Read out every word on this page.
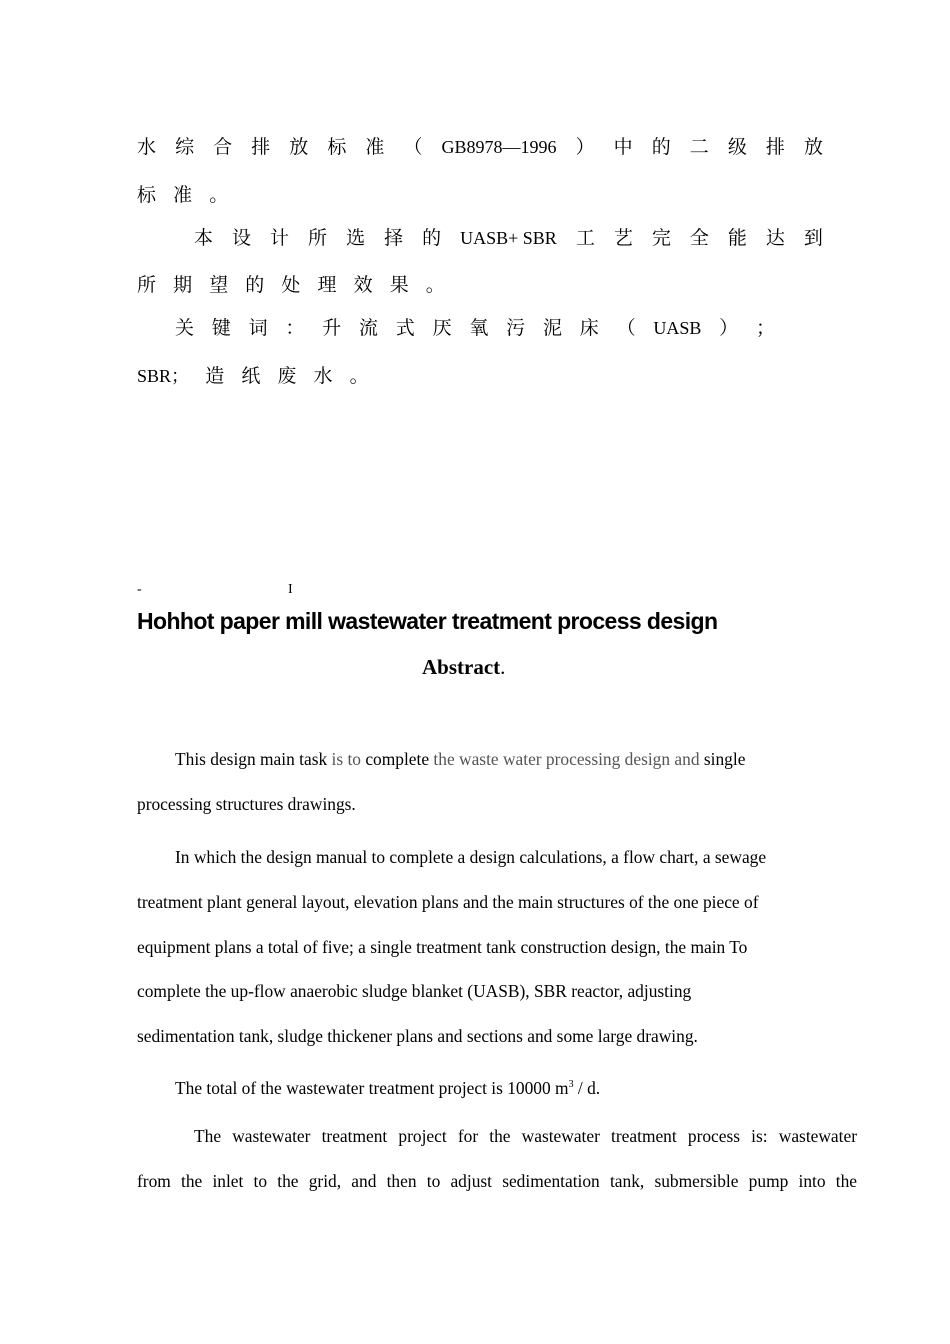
水 综 合 排 放 标 准 （ GB8978—1996 ） 中 的 二 级 排 放
标准。
本 设 计 所 选 择 的 UASB+ SBR 工 艺 完 全 能 达 到
所期望的处理效果。
关 键 词 ： 升 流 式 厌 氧 污 泥 床 （ UASB ） ；
SBR； 造纸废水。
-	I
Hohhot paper mill wastewater treatment process design
Abstract.
This design main task is to complete the waste water processing design and single
processing structures drawings.
In which the design manual to complete a design calculations, a flow chart, a sewage
treatment plant general layout, elevation plans and the main structures of the one piece of
equipment plans a total of five; a single treatment tank construction design, the main To
complete the up-flow anaerobic sludge blanket (UASB), SBR reactor, adjusting
sedimentation tank, sludge thickener plans and sections and some large drawing.
The total of the wastewater treatment project is 10000 $m^3$ / d.
The wastewater treatment project for the wastewater treatment process is: wastewater
from the inlet to the grid, and then to adjust sedimentation tank, submersible pump into the
